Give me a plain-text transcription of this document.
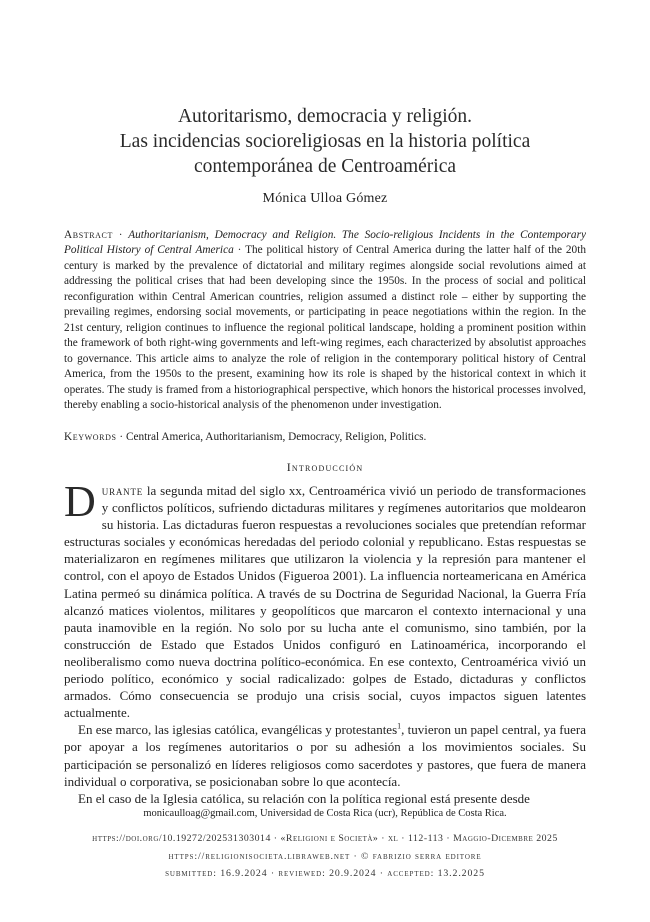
Autoritarismo, democracia y religión.
Las incidencias socioreligiosas en la historia política
contemporánea de Centroamérica
Mónica Ulloa Gómez
Abstract · Authoritarianism, Democracy and Religion. The Socio-religious Incidents in the Contemporary Political History of Central America · The political history of Central America during the latter half of the 20th century is marked by the prevalence of dictatorial and military regimes alongside social revolutions aimed at addressing the political crises that had been developing since the 1950s. In the process of social and political reconfiguration within Central American countries, religion assumed a distinct role – either by supporting the prevailing regimes, endorsing social movements, or participating in peace negotiations within the region. In the 21st century, religion continues to influence the regional political landscape, holding a prominent position within the framework of both right-wing governments and left-wing regimes, each characterized by absolutist approaches to governance. This article aims to analyze the role of religion in the contemporary political history of Central America, from the 1950s to the present, examining how its role is shaped by the historical context in which it operates. The study is framed from a historiographical perspective, which honors the historical processes involved, thereby enabling a socio-historical analysis of the phenomenon under investigation.
Keywords · Central America, Authoritarianism, Democracy, Religion, Politics.
Introducción

Durante la segunda mitad del siglo xx, Centroamérica vivió un periodo de transformaciones y conflictos políticos, sufriendo dictaduras militares y regímenes autoritarios que moldearon su historia. Las dictaduras fueron respuestas a revoluciones sociales que pretendían reformar estructuras sociales y económicas heredadas del periodo colonial y republicano. Estas respuestas se materializaron en regímenes militares que utilizaron la violencia y la represión para mantener el control, con el apoyo de Estados Unidos (Figueroa 2001). La influencia norteamericana en América Latina permeó su dinámica política. A través de su Doctrina de Seguridad Nacional, la Guerra Fría alcanzó matices violentos, militares y geopolíticos que marcaron el contexto internacional y una pauta inamovible en la región. No solo por su lucha ante el comunismo, sino también, por la construcción de Estado que Estados Unidos configuró en Latinoamérica, incorporando el neoliberalismo como nueva doctrina político-económica. En ese contexto, Centroamérica vivió un periodo político, económico y social radicalizado: golpes de Estado, dictaduras y conflictos armados. Cómo consecuencia se produjo una crisis social, cuyos impactos siguen latentes actualmente.

En ese marco, las iglesias católica, evangélicas y protestantes$^1$, tuvieron un papel central, ya fuera por apoyar a los regímenes autoritarios o por su adhesión a los movimientos sociales. Su participación se personalizó en líderes religiosos como sacerdotes y pastores, que fuera de manera individual o corporativa, se posicionaban sobre lo que acontecía.

En el caso de la Iglesia católica, su relación con la política regional está presente desde

monicaulloag@gmail.com, Universidad de Costa Rica (ucr), República de Costa Rica.
https://doi.org/10.19272/202531303014 · «Religioni e Società» · xl · 112-113 · Maggio-Dicembre 2025
https://religionisocieta.libraweb.net · © fabrizio serra editore
submitted: 16.9.2024 · reviewed: 20.9.2024 · accepted: 13.2.2025
